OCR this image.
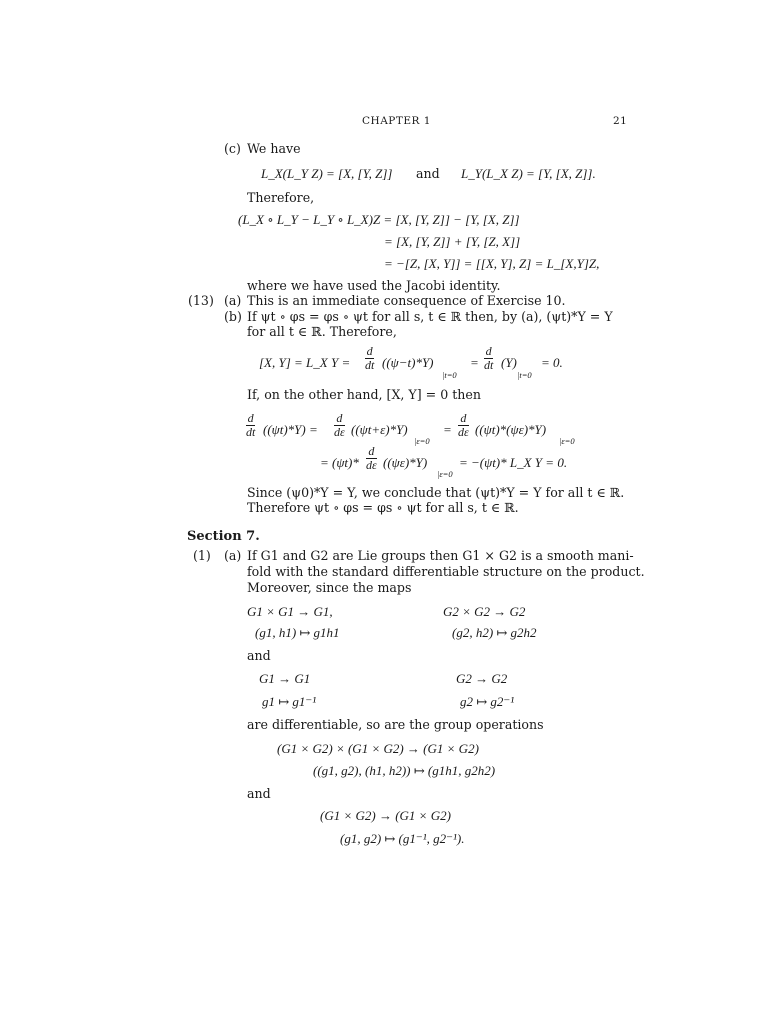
CHAPTER 1	21
(c) We have
L_X(L_Y Z) = [X, [Y, Z]] and L_Y(L_X Z) = [Y, [X, Z]].
Therefore,
(L_X ∘ L_Y − L_Y ∘ L_X)Z = [X, [Y, Z]] − [Y, [X, Z]]
= [X, [Y, Z]] + [Y, [Z, X]]
= −[Z, [X, Y]] = [[X, Y], Z] = L_[X,Y]Z,
where we have used the Jacobi identity.
(13) (a) This is an immediate consequence of Exercise 10.
(b) If ψt ∘ φs = φs ∘ ψt for all s, t ∈ ℝ then, by (a), (ψt)*Y = Y
for all t ∈ ℝ. Therefore,
[X, Y] = L_X $Y = \frac{d}{dt} ((\psi-t)*Y)$
|t=0
= $\frac{d}{dt} (Y)$
|t=0
= 0.
If, on the other hand, [X, Y] = 0 then
$\frac{d}{dt} ((\psi t)*Y) = \frac{d}{d\varepsilon} ((\psi t+\varepsilon)*Y)$
|ε=0
= $\frac{d}{d\varepsilon} ((\psi t)*(\psi\varepsilon)*Y)$
|ε=0
= $(\psi t)* \frac{d}{d\varepsilon} ((\psi\varepsilon)*Y)$
|ε=0
= −(ψt)* L_X Y = 0.
Since (ψ0)*Y = Y, we conclude that (ψt)*Y = Y for all t ∈ ℝ.
Therefore ψt ∘ φs = φs ∘ ψt for all s, t ∈ ℝ.
Section 7.
(1) (a) If G1 and G2 are Lie groups then G1 × G2 is a smooth mani-
fold with the standard differentiable structure on the product.
Moreover, since the maps
G1 × G1 → G1,
(g1, h1) ↦ g1h1
G2 × G2 → G2
(g2, h2) ↦ g2h2
and
G1 → G1
g1 ↦ g1⁻¹
G2 → G2
g2 ↦ g2⁻¹
are differentiable, so are the group operations
(G1 × G2) × (G1 × G2) → (G1 × G2)
((g1, g2), (h1, h2)) ↦ (g1h1, g2h2)
and
(G1 × G2) → (G1 × G2)
(g1, g2) ↦ (g1⁻¹, g2⁻¹).
